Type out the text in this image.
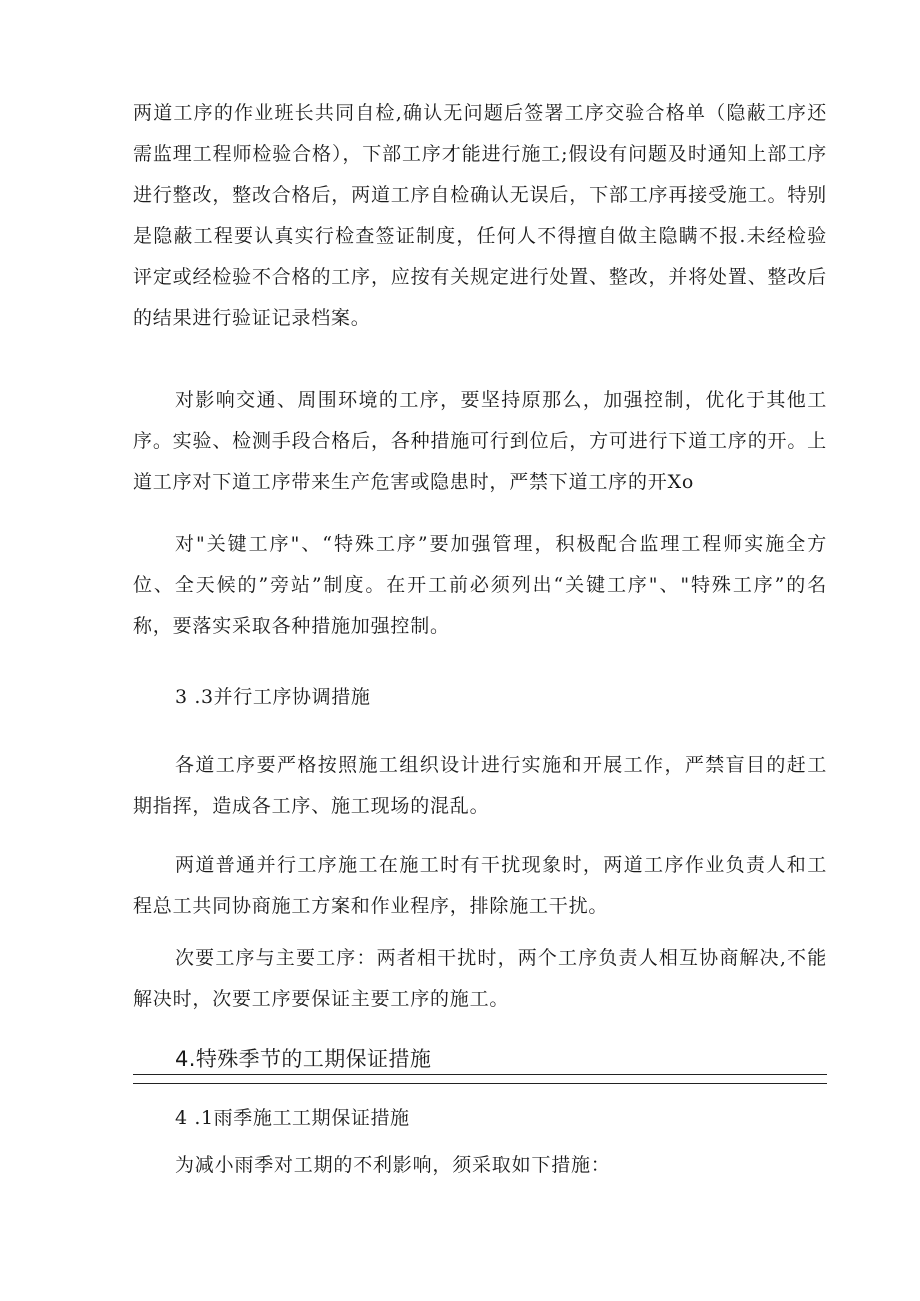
两道工序的作业班长共同自检,确认无问题后签署工序交验合格单（隐蔽工序还需监理工程师检验合格），下部工序才能进行施工;假设有问题及时通知上部工序进行整改，整改合格后，两道工序自检确认无误后，下部工序再接受施工。特别是隐蔽工程要认真实行检查签证制度，任何人不得擅自做主隐瞒不报.未经检验评定或经检验不合格的工序，应按有关规定进行处置、整改，并将处置、整改后的结果进行验证记录档案。

对影响交通、周围环境的工序，要坚持原那么，加强控制，优化于其他工序。实验、检测手段合格后，各种措施可行到位后，方可进行下道工序的开。上道工序对下道工序带来生产危害或隐患时，严禁下道工序的开Xo

对"关键工序"、“特殊工序”要加强管理，积极配合监理工程师实施全方位、全天候的”旁站”制度。在开工前必须列出“关键工序"、"特殊工序”的名称，要落实采取各种措施加强控制。

3 .3并行工序协调措施

各道工序要严格按照施工组织设计进行实施和开展工作，严禁盲目的赶工期指挥，造成各工序、施工现场的混乱。

两道普通并行工序施工在施工时有干扰现象时，两道工序作业负责人和工程总工共同协商施工方案和作业程序，排除施工干扰。

次要工序与主要工序：两者相干扰时，两个工序负责人相互协商解决,不能解决时，次要工序要保证主要工序的施工。

4.特殊季节的工期保证措施

4 .1雨季施工工期保证措施

为减小雨季对工期的不利影响，须采取如下措施：
